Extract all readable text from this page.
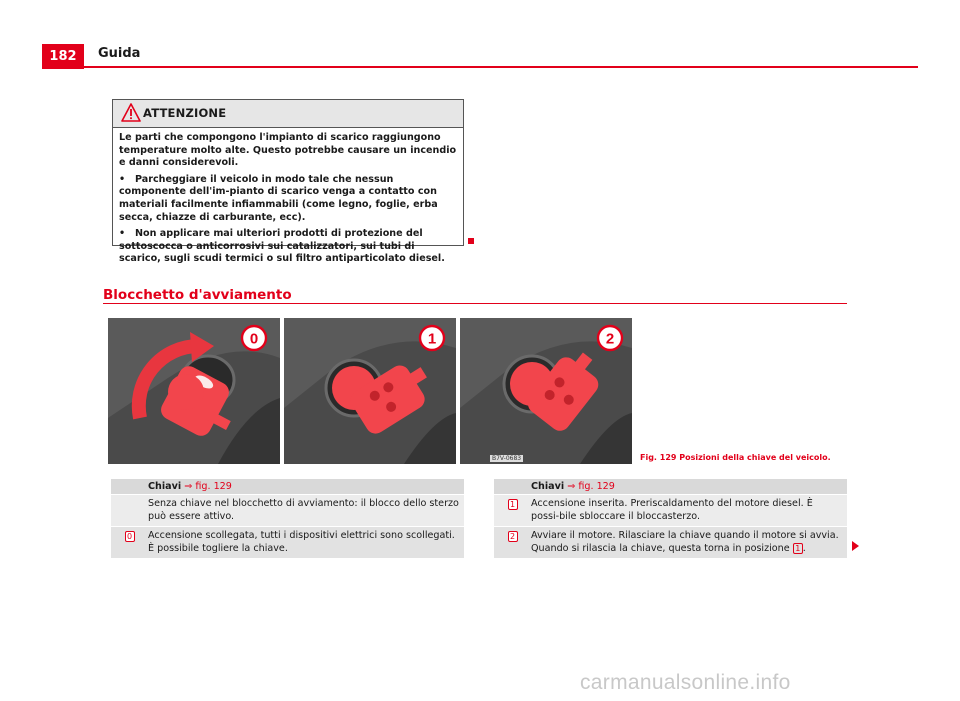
182	Guida
ATTENZIONE

Le parti che compongono l'impianto di scarico raggiungono temperature molto alte. Questo potrebbe causare un incendio e danni considerevoli.

• Parcheggiare il veicolo in modo tale che nessun componente dell'im-pianto di scarico venga a contatto con materiali facilmente infiammabili (come legno, foglie, erba secca, chiazze di carburante, ecc).

• Non applicare mai ulteriori prodotti di protezione del sottoscocca o anticorrosivi sui catalizzatori, sui tubi di scarico, sugli scudi termici o sul filtro antiparticolato diesel.

Blocchetto d'avviamento
0	1	2
B7V-0683	Fig. 129 Posizioni della chiave del veicolo.
Chiavi ⇒ fig. 129
Senza chiave nel blocchetto di avviamento: il blocco dello sterzo può essere attivo.
0 Accensione scollegata, tutti i dispositivi elettrici sono scollegati. È possibile togliere la chiave.
Chiavi ⇒ fig. 129
1 Accensione inserita. Preriscaldamento del motore diesel. È possi-bile sbloccare il bloccasterzo.
2 Avviare il motore. Rilasciare la chiave quando il motore si avvia. Quando si rilascia la chiave, questa torna in posizione 1 .
carmanualsonline.info
